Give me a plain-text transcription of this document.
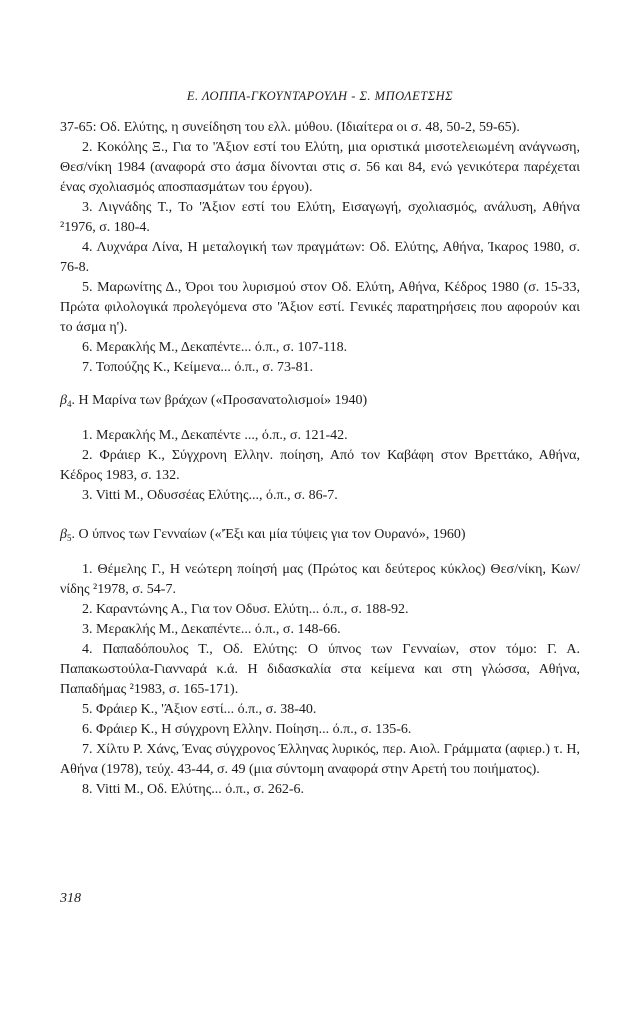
Ε. ΛΟΠΠΑ-ΓΚΟΥΝΤΑΡΟΥΛΗ - Σ. ΜΠΟΛΕΤΣΗΣ

37-65: Οδ. Ελύτης, η συνείδηση του ελλ. μύθου. (Ιδιαίτερα οι σ. 48, 50-2, 59-65).

2. Κοκόλης Ξ., Για το 'Άξιον εστί του Ελύτη, μια οριστικά μισοτελειωμένη ανάγνωση, Θεσ/νίκη 1984 (αναφορά στο άσμα δίνονται στις σ. 56 και 84, ενώ γενικότερα παρέχεται ένας σχολιασμός αποσπασμάτων του έργου).

3. Λιγνάδης Τ., Το 'Άξιον εστί του Ελύτη, Εισαγωγή, σχολιασμός, ανάλυση, Αθήνα ²1976, σ. 180-4.

4. Λυχνάρα Λίνα, Η μεταλογική των πραγμάτων: Οδ. Ελύτης, Αθήνα, Ίκαρος 1980, σ. 76-8.

5. Μαρωνίτης Δ., Όροι του λυρισμού στον Οδ. Ελύτη, Αθήνα, Κέδρος 1980 (σ. 15-33, Πρώτα φιλολογικά προλεγόμενα στο 'Άξιον εστί. Γενικές παρατηρήσεις που αφορούν και το άσμα η').

6. Μερακλής Μ., Δεκαπέντε... ό.π., σ. 107-118.

7. Τοπούζης Κ., Κείμενα... ό.π., σ. 73-81.

$\beta_4$. Η Μαρίνα των βράχων («Προσανατολισμοί» 1940)

1. Μερακλής Μ., Δεκαπέντε ..., ό.π., σ. 121-42.

2. Φράιερ Κ., Σύγχρονη Ελλην. ποίηση, Από τον Καβάφη στον Βρεττάκο, Αθήνα, Κέδρος 1983, σ. 132.

3. Vitti M., Οδυσσέας Ελύτης..., ό.π., σ. 86-7.

$\beta_5$. Ο ύπνος των Γενναίων («'Έξι και μία τύψεις για τον Ουρανό», 1960)

1. Θέμελης Γ., Η νεώτερη ποίησή μας (Πρώτος και δεύτερος κύκλος) Θεσ/νίκη, Κων/νίδης ²1978, σ. 54-7.

2. Καραντώνης Α., Για τον Οδυσ. Ελύτη... ό.π., σ. 188-92.

3. Μερακλής Μ., Δεκαπέντε... ό.π., σ. 148-66.

4. Παπαδόπουλος Τ., Οδ. Ελύτης: Ο ύπνος των Γενναίων, στον τόμο: Γ. Α. Παπακωστούλα-Γιανναρά κ.ά. Η διδασκαλία στα κείμενα και στη γλώσσα, Αθήνα, Παπαδήμας ²1983, σ. 165-171).

5. Φράιερ Κ., 'Άξιον εστί... ό.π., σ. 38-40.

6. Φράιερ Κ., Η σύγχρονη Ελλην. Ποίηση... ό.π., σ. 135-6.

7. Χίλτυ Ρ. Χάνς, Ένας σύγχρονος Έλληνας λυρικός, περ. Αιολ. Γράμματα (αφιερ.) τ. Η, Αθήνα (1978), τεύχ. 43-44, σ. 49 (μια σύντομη αναφορά στην Αρετή του ποιήματος).

8. Vitti M., Οδ. Ελύτης... ό.π., σ. 262-6.

318
